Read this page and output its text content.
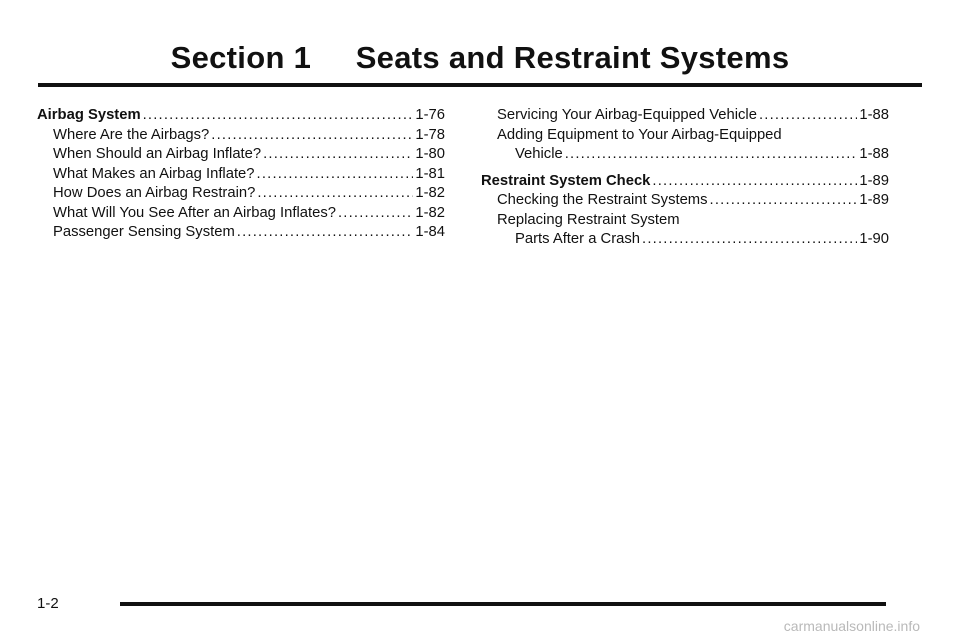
Section 1     Seats and Restraint Systems
Airbag System .....	1-76
Where Are the Airbags? .....	1-78
When Should an Airbag Inflate? .....	1-80
What Makes an Airbag Inflate? .....	1-81
How Does an Airbag Restrain? .....	1-82
What Will You See After an Airbag Inflates? .....	1-82
Passenger Sensing System .....	1-84
Servicing Your Airbag-Equipped Vehicle .....	1-88
Adding Equipment to Your Airbag-Equipped
Vehicle .....	1-88
Restraint System Check .....	1-89
Checking the Restraint Systems .....	1-89
Replacing Restraint System
Parts After a Crash .....	1-90
1-2
carmanualsonline.info
